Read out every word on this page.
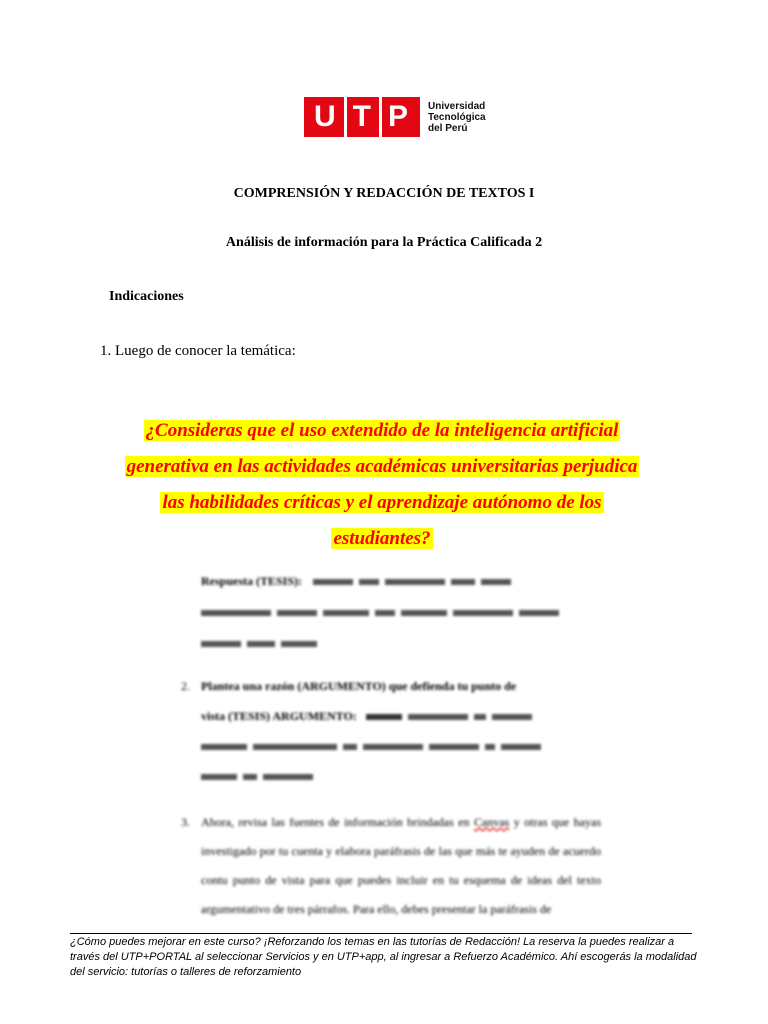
U T P Universidad
Tecnológica
del Perú
COMPRENSIÓN Y REDACCIÓN DE TEXTOS I
Análisis de información para la Práctica Calificada 2
Indicaciones
1. Luego de conocer la temática:
¿Consideras que el uso extendido de la inteligencia artificial
generativa en las actividades académicas universitarias perjudica
las habilidades críticas y el aprendizaje autónomo de los
estudiantes?
Respuesta (TESIS):

2. Plantea una razón (ARGUMENTO) que defienda tu punto de
vista (TESIS) ARGUMENTO:

3. Ahora, revisa las fuentes de información brindadas en Canvas y otras que hayas investigado por tu cuenta y elabora paráfrasis de las que más te ayuden de acuerdo contu punto de vista para que puedes incluir en tu esquema de ideas del texto argumentativo de tres párrafos. Para ello, debes presentar la paráfrasis de
¿Cómo puedes mejorar en este curso? ¡Reforzando los temas en las tutorías de Redacción! La reserva la puedes realizar a través del UTP+PORTAL al seleccionar Servicios y en UTP+app, al ingresar a Refuerzo Académico. Ahí escogerás la modalidad del servicio: tutorías o talleres de reforzamiento
